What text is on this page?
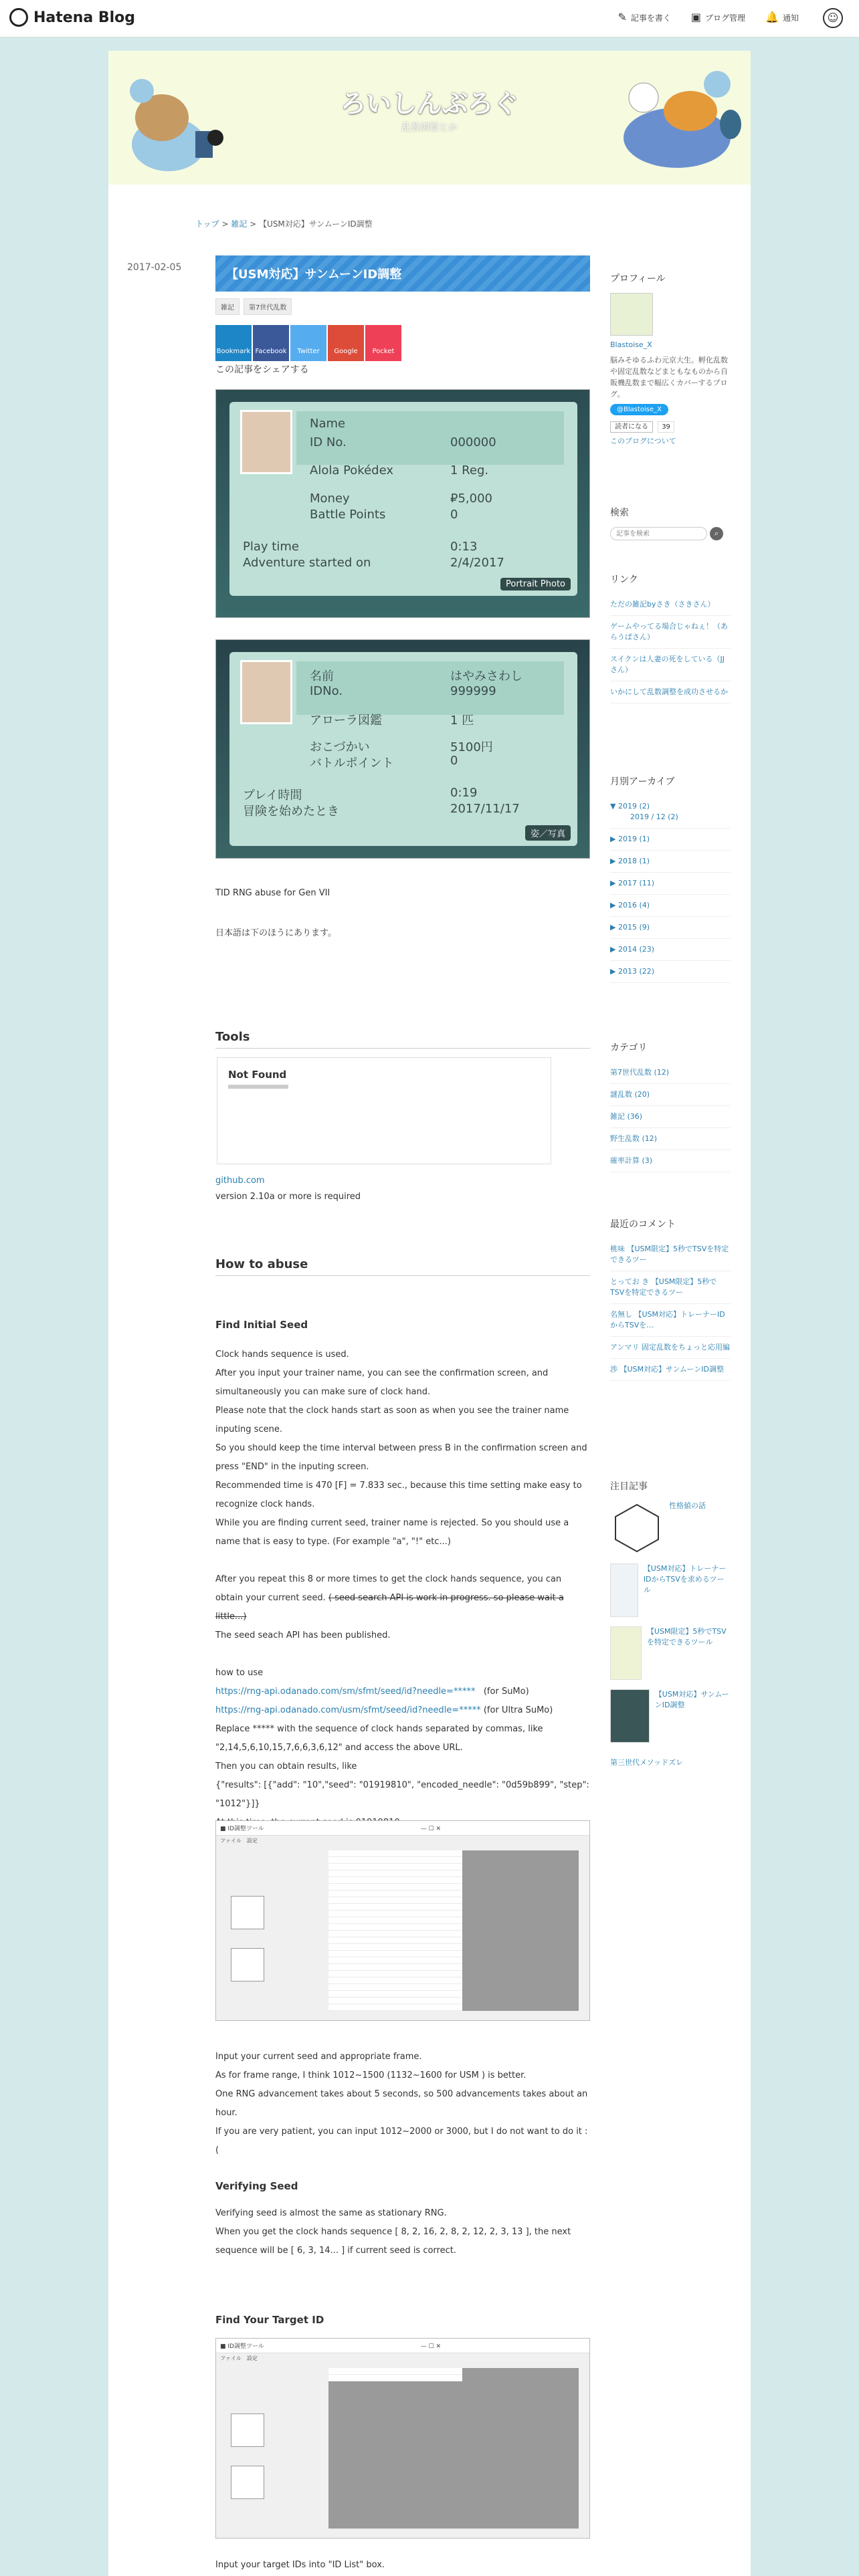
Hatena Blog	✎ 記事を書く ▣ ブログ管理 🔔 通知	☺
ろいしんぶろぐ
乱数調整とか
トップ > 雑記 > 【USM対応】サンムーンID調整
2017-02-05	【USM対応】サンムーンID調整
雑記	第7世代乱数
Bookmark Facebook	Twitter	Google	Pocket
この記事をシェアする
Name
ID No.	000000
Alola Pokédex	1 Reg.
Money	₽5,000
Battle Points	0
Play time	0:13
Adventure started on	2/4/2017
Portrait Photo
名前	はやみさわし
IDNo.	999999
アローラ図鑑	1 匹
おこづかい	5100円
バトルポイント	0
プレイ時間	0:19
冒険を始めたとき	2017/11/17
姿／写真
TID RNG abuse for Gen VII
日本語は下のほうにあります。
Tools
Not Found
github.com
version 2.10a or more is required
How to abuse
Find Initial Seed
Clock hands sequence is used.
After you input your trainer name, you can see the confirmation screen, and simultaneously you can make sure of clock hand.
Please note that the clock hands start as soon as when you see the trainer name inputing scene.
So you should keep the time interval between press B in the confirmation screen and press "END" in the inputing screen.
Recommended time is 470 [F] = 7.833 sec., because this time setting make easy to recognize clock hands.
While you are finding current seed, trainer name is rejected. So you should use a name that is easy to type. (For example "a", "!" etc...)
After you repeat this 8 or more times to get the clock hands sequence, you can obtain your current seed. ( seed search API is work in progress. so please wait a little...)
The seed seach API has been published.
how to use
https://rng-api.odanado.com/sm/sfmt/seed/id?needle=***** (for SuMo)
https://rng-api.odanado.com/usm/sfmt/seed/id?needle=***** (for Ultra SuMo)
Replace ***** with the sequence of clock hands separated by commas, like "2,14,5,6,10,15,7,6,6,3,6,12" and access the above URL.
Then you can obtain results, like
{"results": [{"add": "10","seed": "01919810", "encoded_needle": "0d59b899", "step": "1012"}]}
■ ID調整ツール　　　　　　　　　　　　　　　　　　　　　　　　　　— ☐ ✕
ファイル　設定
Input your current seed and appropriate frame.
As for frame range, I think 1012~1500 (1132~1600 for USM ) is better.
One RNG advancement takes about 5 seconds, so 500 advancements takes about an hour.
If you are very patient, you can input 1012~2000 or 3000, but I do not want to do it :(
Verifying Seed
Verifying seed is almost the same as stationary RNG.
When you get the clock hands sequence [ 8, 2, 16, 2, 8, 2, 12, 2, 3, 13 ], the next sequence will be [ 6, 3, 14... ] if current seed is correct.
Find Your Target ID
■ ID調整ツール　　　　　　　　　　　　　　　　　　　　　　　　　　— ☐ ✕
ファイル　設定
Input your target IDs into "ID List" box.
プロフィール
Blastoise_X
脳みそゆるふわ元京大生。孵化乱数や固定乱数などまともなものから自販機乱数まで幅広くカバーするブログ。
@Blastoise_X
読者になる 39
このブログについて
検索
記事を検索
⌕
リンク
ただの雑記byさき（さきさん）
ゲームやってる場合じゃねぇ！（あらうぱさん）
スイクンは人妻の死をしている（JJさん）
いかにして乱数調整を成功させるか
月別アーカイブ
▼ 2019 (2)
2019 / 12 (2)
▶ 2019 (1)
▶ 2018 (1)
▶ 2017 (11)
▶ 2016 (4)
▶ 2015 (9)
▶ 2014 (23)
▶ 2013 (22)
カテゴリ
第7世代乱数 (12)
謎乱数 (20)
雑記 (36)
野生乱数 (12)
確率計算 (3)
最近のコメント
桃味 【USM限定】5秒でTSVを特定できるツー
とってお き 【USM限定】5秒でTSVを特定できるツー
名無し 【USM対応】トレーナーIDからTSVを...
アンマリ 固定乱数をちょっと応用編
渉 【USM対応】サンムーンID調整
注目記事
性格値の話
【USM対応】トレーナーIDからTSVを求めるツール
【USM限定】5秒でTSVを特定できるツール
【USM対応】サンムーンID調整
第三世代メソッドズレ
